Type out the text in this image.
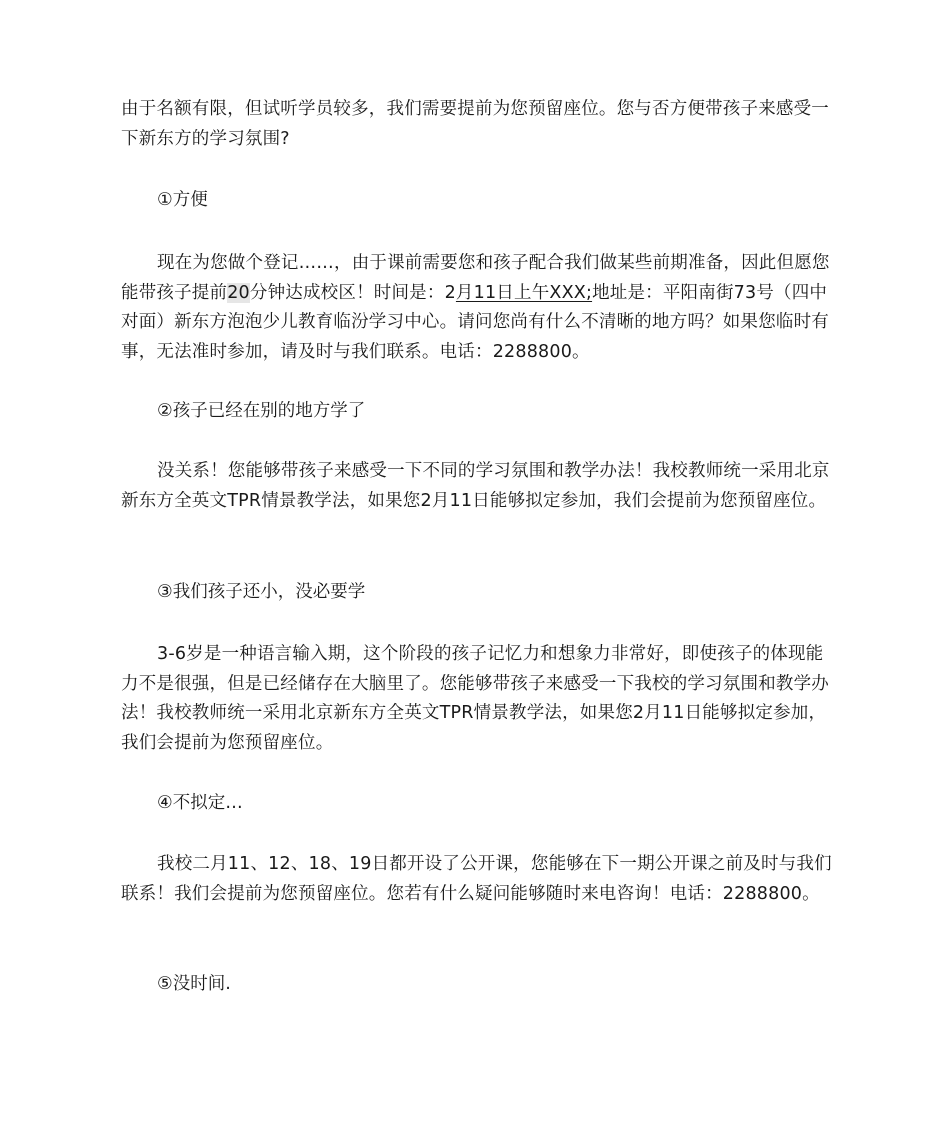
由于名额有限，但试听学员较多，我们需要提前为您预留座位。您与否方便带孩子来感受一下新东方的学习氛围?

①方便

现在为您做个登记……，由于课前需要您和孩子配合我们做某些前期准备，因此但愿您能带孩子提前20分钟达成校区！时间是：2月11日上午XXX;地址是：平阳南街73号（四中对面）新东方泡泡少儿教育临汾学习中心。请问您尚有什么不清晰的地方吗？如果您临时有事，无法准时参加，请及时与我们联系。电话：2288800。

②孩子已经在别的地方学了

没关系！您能够带孩子来感受一下不同的学习氛围和教学办法！我校教师统一采用北京新东方全英文TPR情景教学法，如果您2月11日能够拟定参加，我们会提前为您预留座位。

③我们孩子还小，没必要学

3-6岁是一种语言输入期，这个阶段的孩子记忆力和想象力非常好，即使孩子的体现能力不是很强，但是已经储存在大脑里了。您能够带孩子来感受一下我校的学习氛围和教学办法！我校教师统一采用北京新东方全英文TPR情景教学法，如果您2月11日能够拟定参加，我们会提前为您预留座位。

④不拟定…

我校二月11、12、18、19日都开设了公开课，您能够在下一期公开课之前及时与我们联系！我们会提前为您预留座位。您若有什么疑问能够随时来电咨询！电话：2288800。

⑤没时间.
